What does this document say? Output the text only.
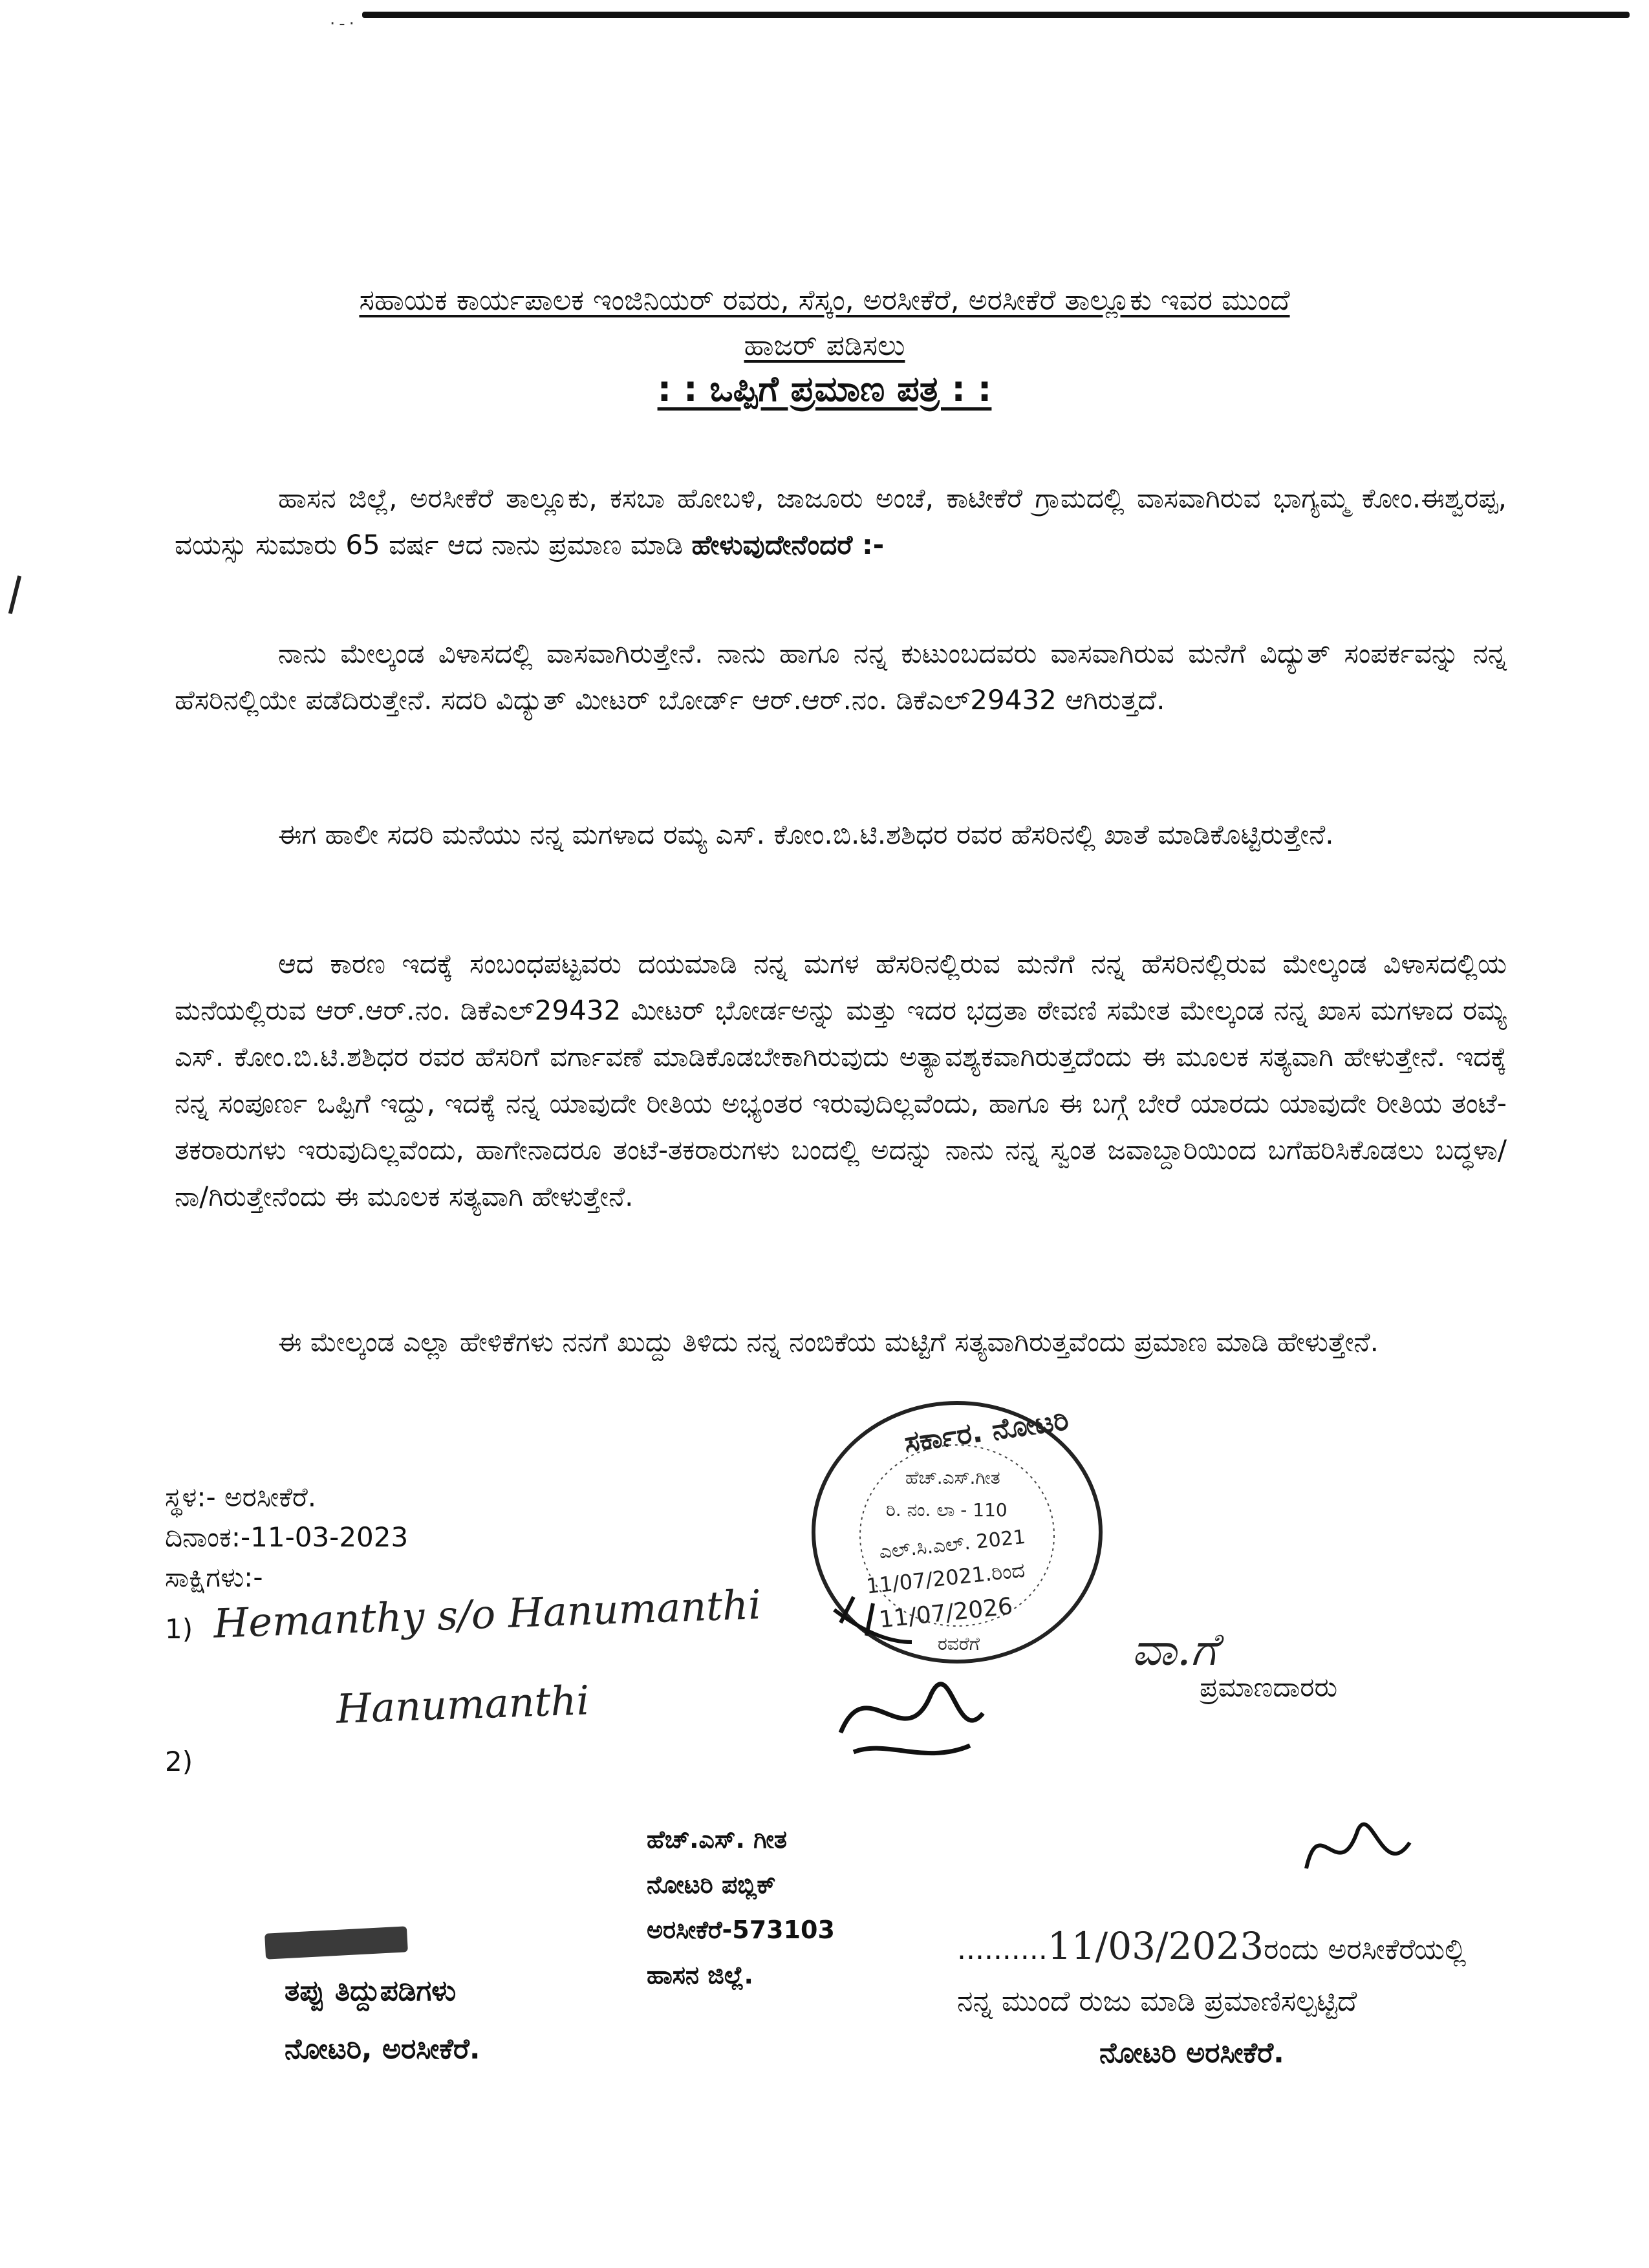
·-·
ಸಹಾಯಕ ಕಾರ್ಯಪಾಲಕ ಇಂಜಿನಿಯರ್ ರವರು, ಸೆಸ್ಕಂ, ಅರಸೀಕೆರೆ, ಅರಸೀಕೆರೆ ತಾಲ್ಲೂಕು ಇವರ ಮುಂದೆ
ಹಾಜರ್ ಪಡಿಸಲು
: : ಒಪ್ಪಿಗೆ ಪ್ರಮಾಣ ಪತ್ರ : :

ಹಾಸನ ಜಿಲ್ಲೆ, ಅರಸೀಕೆರೆ ತಾಲ್ಲೂಕು, ಕಸಬಾ ಹೋಬಳಿ, ಜಾಜೂರು ಅಂಚೆ, ಕಾಟೀಕೆರೆ ಗ್ರಾಮದಲ್ಲಿ ವಾಸವಾಗಿರುವ ಭಾಗ್ಯಮ್ಮ ಕೋಂ.ಈಶ್ವರಪ್ಪ, ವಯಸ್ಸು ಸುಮಾರು 65 ವರ್ಷ ಆದ ನಾನು ಪ್ರಮಾಣ ಮಾಡಿ ಹೇಳುವುದೇನೆಂದರೆ :-

ನಾನು ಮೇಲ್ಕಂಡ ವಿಳಾಸದಲ್ಲಿ ವಾಸವಾಗಿರುತ್ತೇನೆ. ನಾನು ಹಾಗೂ ನನ್ನ ಕುಟುಂಬದವರು ವಾಸವಾಗಿರುವ ಮನೆಗೆ ವಿದ್ಯುತ್ ಸಂಪರ್ಕವನ್ನು ನನ್ನ ಹೆಸರಿನಲ್ಲಿಯೇ ಪಡೆದಿರುತ್ತೇನೆ. ಸದರಿ ವಿದ್ಯುತ್ ಮೀಟರ್ ಬೋರ್ಡ್ ಆರ್.ಆರ್.ನಂ. ಡಿಕೆಎಲ್29432 ಆಗಿರುತ್ತದೆ.

ಈಗ ಹಾಲೀ ಸದರಿ ಮನೆಯು ನನ್ನ ಮಗಳಾದ ರಮ್ಯ ಎಸ್. ಕೋಂ.ಬಿ.ಟಿ.ಶಶಿಧರ ರವರ ಹೆಸರಿನಲ್ಲಿ ಖಾತೆ ಮಾಡಿಕೊಟ್ಟಿರುತ್ತೇನೆ.

ಆದ ಕಾರಣ ಇದಕ್ಕೆ ಸಂಬಂಧಪಟ್ಟವರು ದಯಮಾಡಿ ನನ್ನ ಮಗಳ ಹೆಸರಿನಲ್ಲಿರುವ ಮನೆಗೆ ನನ್ನ ಹೆಸರಿನಲ್ಲಿರುವ ಮೇಲ್ಕಂಡ ವಿಳಾಸದಲ್ಲಿಯ ಮನೆಯಲ್ಲಿರುವ ಆರ್.ಆರ್.ನಂ. ಡಿಕೆಎಲ್29432 ಮೀಟರ್ ಭೋರ್ಡಅನ್ನು ಮತ್ತು ಇದರ ಭದ್ರತಾ ಠೇವಣಿ ಸಮೇತ ಮೇಲ್ಕಂಡ ನನ್ನ ಖಾಸ ಮಗಳಾದ ರಮ್ಯ ಎಸ್. ಕೋಂ.ಬಿ.ಟಿ.ಶಶಿಧರ ರವರ ಹೆಸರಿಗೆ ವರ್ಗಾವಣೆ ಮಾಡಿಕೊಡಬೇಕಾಗಿರುವುದು ಅತ್ಯಾವಶ್ಯಕವಾಗಿರುತ್ತದೆಂದು ಈ ಮೂಲಕ ಸತ್ಯವಾಗಿ ಹೇಳುತ್ತೇನೆ. ಇದಕ್ಕೆ ನನ್ನ ಸಂಪೂರ್ಣ ಒಪ್ಪಿಗೆ ಇದ್ದು, ಇದಕ್ಕೆ ನನ್ನ ಯಾವುದೇ ರೀತಿಯ ಅಭ್ಯಂತರ ಇರುವುದಿಲ್ಲವೆಂದು, ಹಾಗೂ ಈ ಬಗ್ಗೆ ಬೇರೆ ಯಾರದು ಯಾವುದೇ ರೀತಿಯ ತಂಟೆ-ತಕರಾರುಗಳು ಇರುವುದಿಲ್ಲವೆಂದು, ಹಾಗೇನಾದರೂ ತಂಟೆ-ತಕರಾರುಗಳು ಬಂದಲ್ಲಿ ಅದನ್ನು ನಾನು ನನ್ನ ಸ್ವಂತ ಜವಾಬ್ದಾರಿಯಿಂದ ಬಗೆಹರಿಸಿಕೊಡಲು ಬದ್ಧಳಾ/ನಾ/ಗಿರುತ್ತೇನೆಂದು ಈ ಮೂಲಕ ಸತ್ಯವಾಗಿ ಹೇಳುತ್ತೇನೆ.

ಈ ಮೇಲ್ಕಂಡ ಎಲ್ಲಾ ಹೇಳಿಕೆಗಳು ನನಗೆ ಖುದ್ದು ತಿಳಿದು ನನ್ನ ನಂಬಿಕೆಯ ಮಟ್ಟಿಗೆ ಸತ್ಯವಾಗಿರುತ್ತವೆಂದು ಪ್ರಮಾಣ ಮಾಡಿ ಹೇಳುತ್ತೇನೆ.

ಸ್ಥಳ:- ಅರಸೀಕೆರೆ.
ದಿನಾಂಕ:-11-03-2023
ಸಾಕ್ಷಿಗಳು:-
1) Hemanthy s/o Hanumanthi
Hanumanthi
2)
ಸರ್ಕಾರ. ನೋಟರಿ
ಹೆಚ್.ಎಸ್.ಗೀತ
ರಿ. ನಂ. ಲಾ - 110
ಎಲ್.ಸಿ.ಎಲ್. 2021
11/07/2021.ರಿಂದ
11/07/2026
ರವರೆಗೆ	ವಾ.ಗೆ
ಪ್ರಮಾಣದಾರರು
ತಪ್ಪು ತಿದ್ದುಪಡಿಗಳು
ನೋಟರಿ, ಅರಸೀಕೆರೆ.
ಹೆಚ್.ಎಸ್. ಗೀತ
ನೋಟರಿ ಪಬ್ಲಿಕ್
ಅರಸೀಕೆರೆ-573103
ಹಾಸನ ಜಿಲ್ಲೆ.
..........11/03/2023ರಂದು ಅರಸೀಕೆರೆಯಲ್ಲಿ
ನನ್ನ ಮುಂದೆ ರುಜು ಮಾಡಿ ಪ್ರಮಾಣಿಸಲ್ಪಟ್ಟಿದೆ
ನೋಟರಿ ಅರಸೀಕೆರೆ.
